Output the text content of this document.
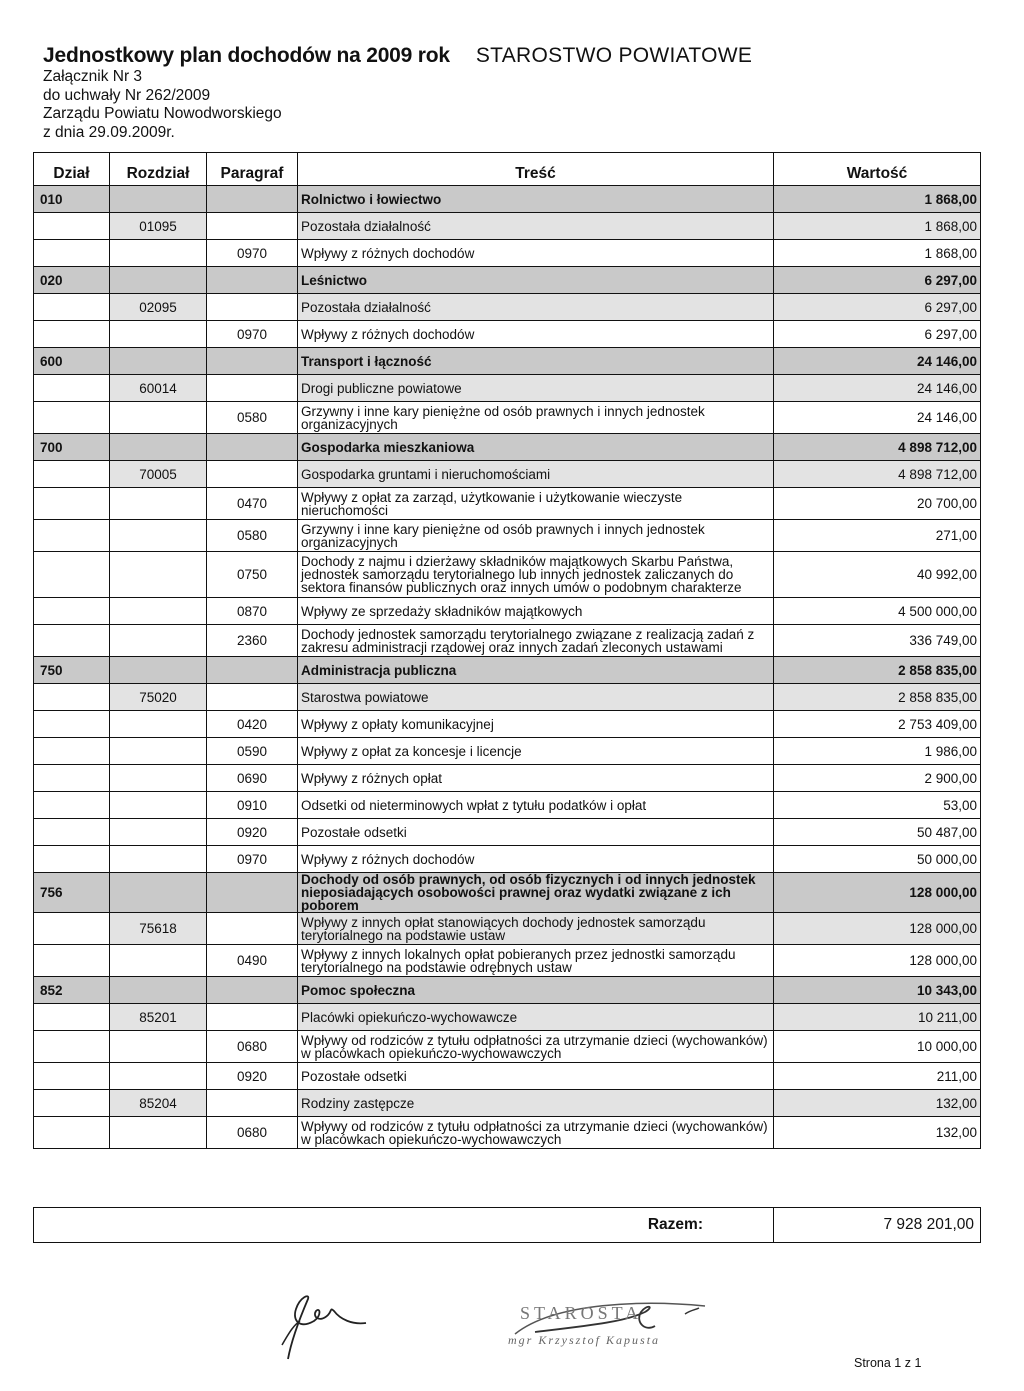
Jednostkowy plan dochodów na 2009 rok STAROSTWO POWIATOWE
Załącznik Nr 3
do uchwały Nr 262/2009
Zarządu Powiatu Nowodworskiego
z dnia 29.09.2009r.
Dział	Rozdział	Paragraf	Treść	Wartość
010			Rolnictwo i łowiectwo	1 868,00
	01095		Pozostała działalność	1 868,00
		0970	Wpływy z różnych dochodów	1 868,00
020			Leśnictwo	6 297,00
	02095		Pozostała działalność	6 297,00
		0970	Wpływy z różnych dochodów	6 297,00
600			Transport i łączność	24 146,00
	60014		Drogi publiczne powiatowe	24 146,00
		0580	Grzywny i inne kary pieniężne od osób prawnych i innych jednostek organizacyjnych	24 146,00
700			Gospodarka mieszkaniowa	4 898 712,00
	70005		Gospodarka gruntami i nieruchomościami	4 898 712,00
		0470	Wpływy z opłat za zarząd, użytkowanie i użytkowanie wieczyste nieruchomości	20 700,00
		0580	Grzywny i inne kary pieniężne od osób prawnych i innych jednostek organizacyjnych	271,00
		0750	Dochody z najmu i dzierżawy składników majątkowych Skarbu Państwa, jednostek samorządu terytorialnego lub innych jednostek zaliczanych do sektora finansów publicznych oraz innych umów o podobnym charakterze	40 992,00
		0870	Wpływy ze sprzedaży składników majątkowych	4 500 000,00
		2360	Dochody jednostek samorządu terytorialnego związane z realizacją zadań z zakresu administracji rządowej oraz innych zadań zleconych ustawami	336 749,00
750			Administracja publiczna	2 858 835,00
	75020		Starostwa powiatowe	2 858 835,00
		0420	Wpływy z opłaty komunikacyjnej	2 753 409,00
		0590	Wpływy z opłat za koncesje i licencje	1 986,00
		0690	Wpływy z różnych opłat	2 900,00
		0910	Odsetki od nieterminowych wpłat z tytułu podatków i opłat	53,00
		0920	Pozostałe odsetki	50 487,00
		0970	Wpływy z różnych dochodów	50 000,00
756			Dochody od osób prawnych, od osób fizycznych i od innych jednostek nieposiadających osobowości prawnej oraz wydatki związane z ich poborem	128 000,00
	75618		Wpływy z innych opłat stanowiących dochody jednostek samorządu terytorialnego na podstawie ustaw	128 000,00
		0490	Wpływy z innych lokalnych opłat pobieranych przez jednostki samorządu terytorialnego na podstawie odrębnych ustaw	128 000,00
852			Pomoc społeczna	10 343,00
	85201		Placówki opiekuńczo-wychowawcze	10 211,00
		0680	Wpływy od rodziców z tytułu odpłatności za utrzymanie dzieci (wychowanków) w placówkach opiekuńczo-wychowawczych	10 000,00
		0920	Pozostałe odsetki	211,00
	85204		Rodziny zastępcze	132,00
		0680	Wpływy od rodziców z tytułu odpłatności za utrzymanie dzieci (wychowanków) w placówkach opiekuńczo-wychowawczych	132,00
Razem:	7 928 201,00
STAROSTA
mgr Krzysztof Kapusta
Strona 1 z 1
